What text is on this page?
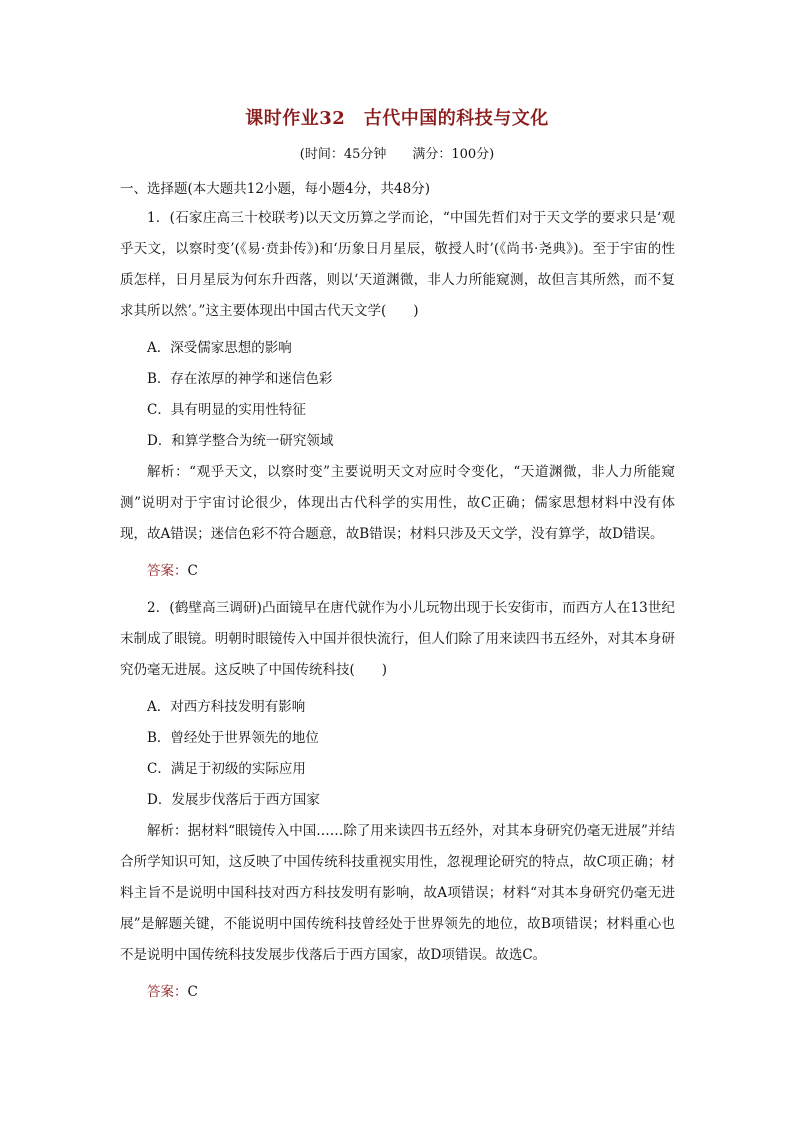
课时作业32　古代中国的科技与文化
(时间：45分钟　　满分：100分)
一、选择题(本大题共12小题，每小题4分，共48分)

1．(石家庄高三十校联考)以天文历算之学而论，“中国先哲们对于天文学的要求只是‘观乎天文，以察时变’(《易·贲卦传》)和‘历象日月星辰，敬授人时’(《尚书·尧典》)。至于宇宙的性质怎样，日月星辰为何东升西落，则以‘天道渊微，非人力所能窥测，故但言其所然，而不复求其所以然’。”这主要体现出中国古代天文学(　　)

A．深受儒家思想的影响

B．存在浓厚的神学和迷信色彩

C．具有明显的实用性特征

D．和算学整合为统一研究领域

解析：“观乎天文，以察时变”主要说明天文对应时令变化，“天道渊微，非人力所能窥测”说明对于宇宙讨论很少，体现出古代科学的实用性，故C正确；儒家思想材料中没有体现，故A错误；迷信色彩不符合题意，故B错误；材料只涉及天文学，没有算学，故D错误。

答案：C

2．(鹤壁高三调研)凸面镜早在唐代就作为小儿玩物出现于长安街市，而西方人在13世纪末制成了眼镜。明朝时眼镜传入中国并很快流行，但人们除了用来读四书五经外，对其本身研究仍毫无进展。这反映了中国传统科技(　　)

A．对西方科技发明有影响

B．曾经处于世界领先的地位

C．满足于初级的实际应用

D．发展步伐落后于西方国家

解析：据材料“眼镜传入中国……除了用来读四书五经外，对其本身研究仍毫无进展”并结合所学知识可知，这反映了中国传统科技重视实用性，忽视理论研究的特点，故C项正确；材料主旨不是说明中国科技对西方科技发明有影响，故A项错误；材料“对其本身研究仍毫无进展”是解题关键，不能说明中国传统科技曾经处于世界领先的地位，故B项错误；材料重心也不是说明中国传统科技发展步伐落后于西方国家，故D项错误。故选C。

答案：C
